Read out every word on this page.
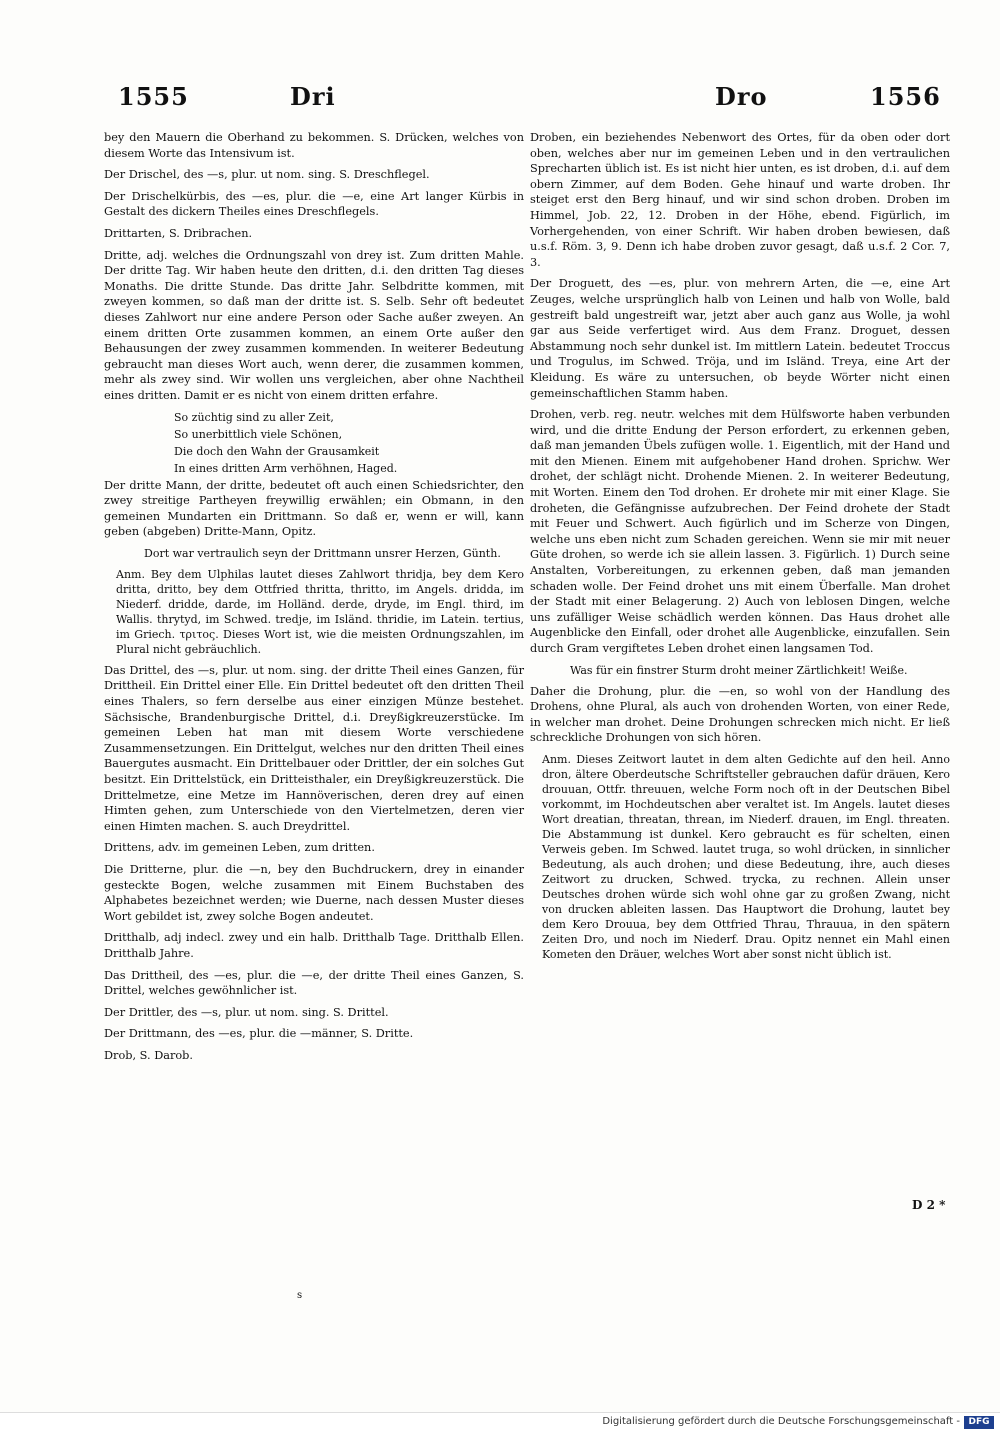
1555	Dri	Dro	1556

bey den Mauern die Oberhand zu bekommen. S. Drücken, welches von diesem Worte das Intensivum ist.

Der Drischel, des —s, plur. ut nom. sing. S. Dreschflegel.

Der Drischelkürbis, des —es, plur. die —e, eine Art langer Kürbis in Gestalt des dickern Theiles eines Dreschflegels.

Drittarten, S. Dribrachen.

Dritte, adj. welches die Ordnungszahl von drey ist. Zum dritten Mahle. Der dritte Tag. Wir haben heute den dritten, d.i. den dritten Tag dieses Monaths. Die dritte Stunde. Das dritte Jahr. Selbdritte kommen, mit zweyen kommen, so daß man der dritte ist. S. Selb. Sehr oft bedeutet dieses Zahlwort nur eine andere Person oder Sache außer zweyen. An einem dritten Orte zusammen kommen, an einem Orte außer den Behausungen der zwey zusammen kommenden. In weiterer Bedeutung gebraucht man dieses Wort auch, wenn derer, die zusammen kommen, mehr als zwey sind. Wir wollen uns vergleichen, aber ohne Nachtheil eines dritten. Damit er es nicht von einem dritten erfahre.

So züchtig sind zu aller Zeit,
So unerbittlich viele Schönen,
Die doch den Wahn der Grausamkeit
In eines dritten Arm verhöhnen, Haged.

Der dritte Mann, der dritte, bedeutet oft auch einen Schiedsrichter, den zwey streitige Partheyen freywillig erwählen; ein Obmann, in den gemeinen Mundarten ein Drittmann. So daß er, wenn er will, kann geben (abgeben) Dritte-Mann, Opitz.

Dort war vertraulich seyn der Drittmann unsrer Herzen, Günth.

Anm. Bey dem Ulphilas lautet dieses Zahlwort thridja, bey dem Kero dritta, dritto, bey dem Ottfried thritta, thritto, im Angels. dridda, im Niederf. dridde, darde, im Holländ. derde, dryde, im Engl. third, im Wallis. thrytyd, im Schwed. tredje, im Isländ. thridie, im Latein. tertius, im Griech. τριτος. Dieses Wort ist, wie die meisten Ordnungszahlen, im Plural nicht gebräuchlich.

Das Drittel, des —s, plur. ut nom. sing. der dritte Theil eines Ganzen, für Drittheil. Ein Drittel einer Elle. Ein Drittel bedeutet oft den dritten Theil eines Thalers, so fern derselbe aus einer einzigen Münze bestehet. Sächsische, Brandenburgische Drittel, d.i. Dreyßigkreuzerstücke. Im gemeinen Leben hat man mit diesem Worte verschiedene Zusammensetzungen. Ein Drittelgut, welches nur den dritten Theil eines Bauergutes ausmacht. Ein Drittelbauer oder Drittler, der ein solches Gut besitzt. Ein Drittelstück, ein Dritteisthaler, ein Dreyßigkreuzerstück. Die Drittelmetze, eine Metze im Hannöverischen, deren drey auf einen Himten gehen, zum Unterschiede von den Viertelmetzen, deren vier einen Himten machen. S. auch Dreydrittel.

Drittens, adv. im gemeinen Leben, zum dritten.

Die Dritterne, plur. die —n, bey den Buchdruckern, drey in einander gesteckte Bogen, welche zusammen mit Einem Buchstaben des Alphabetes bezeichnet werden; wie Duerne, nach dessen Muster dieses Wort gebildet ist, zwey solche Bogen andeutet.

Dritthalb, adj indecl. zwey und ein halb. Dritthalb Tage. Dritthalb Ellen. Dritthalb Jahre.

Das Drittheil, des —es, plur. die —e, der dritte Theil eines Ganzen, S. Drittel, welches gewöhnlicher ist.

Der Drittler, des —s, plur. ut nom. sing. S. Drittel.

Der Drittmann, des —es, plur. die —männer, S. Dritte.

Drob, S. Darob.

Droben, ein beziehendes Nebenwort des Ortes, für da oben oder dort oben, welches aber nur im gemeinen Leben und in den vertraulichen Sprecharten üblich ist. Es ist nicht hier unten, es ist droben, d.i. auf dem obern Zimmer, auf dem Boden. Gehe hinauf und warte droben. Ihr steiget erst den Berg hinauf, und wir sind schon droben. Droben im Himmel, Job. 22, 12. Droben in der Höhe, ebend. Figürlich, im Vorhergehenden, von einer Schrift. Wir haben droben bewiesen, daß u.s.f. Röm. 3, 9. Denn ich habe droben zuvor gesagt, daß u.s.f. 2 Cor. 7, 3.

Der Droguett, des —es, plur. von mehrern Arten, die —e, eine Art Zeuges, welche ursprünglich halb von Leinen und halb von Wolle, bald gestreift bald ungestreift war, jetzt aber auch ganz aus Wolle, ja wohl gar aus Seide verfertiget wird. Aus dem Franz. Droguet, dessen Abstammung noch sehr dunkel ist. Im mittlern Latein. bedeutet Troccus und Trogulus, im Schwed. Tröja, und im Isländ. Treya, eine Art der Kleidung. Es wäre zu untersuchen, ob beyde Wörter nicht einen gemeinschaftlichen Stamm haben.

Drohen, verb. reg. neutr. welches mit dem Hülfsworte haben verbunden wird, und die dritte Endung der Person erfordert, zu erkennen geben, daß man jemanden Übels zufügen wolle. 1. Eigentlich, mit der Hand und mit den Mienen. Einem mit aufgehobener Hand drohen. Sprichw. Wer drohet, der schlägt nicht. Drohende Mienen. 2. In weiterer Bedeutung, mit Worten. Einem den Tod drohen. Er drohete mir mit einer Klage. Sie droheten, die Gefängnisse aufzubrechen. Der Feind drohete der Stadt mit Feuer und Schwert. Auch figürlich und im Scherze von Dingen, welche uns eben nicht zum Schaden gereichen. Wenn sie mir mit neuer Güte drohen, so werde ich sie allein lassen. 3. Figürlich. 1) Durch seine Anstalten, Vorbereitungen, zu erkennen geben, daß man jemanden schaden wolle. Der Feind drohet uns mit einem Überfalle. Man drohet der Stadt mit einer Belagerung. 2) Auch von leblosen Dingen, welche uns zufälliger Weise schädlich werden können. Das Haus drohet alle Augenblicke den Einfall, oder drohet alle Augenblicke, einzufallen. Sein durch Gram vergiftetes Leben drohet einen langsamen Tod.

Was für ein finstrer Sturm droht meiner Zärtlichkeit! Weiße.

Daher die Drohung, plur. die —en, so wohl von der Handlung des Drohens, ohne Plural, als auch von drohenden Worten, von einer Rede, in welcher man drohet. Deine Drohungen schrecken mich nicht. Er ließ schreckliche Drohungen von sich hören.

Anm. Dieses Zeitwort lautet in dem alten Gedichte auf den heil. Anno dron, ältere Oberdeutsche Schriftsteller gebrauchen dafür dräuen, Kero drouuan, Ottfr. threuuen, welche Form noch oft in der Deutschen Bibel vorkommt, im Hochdeutschen aber veraltet ist. Im Angels. lautet dieses Wort dreatian, threatan, threan, im Niederf. drauen, im Engl. threaten. Die Abstammung ist dunkel. Kero gebraucht es für schelten, einen Verweis geben. Im Schwed. lautet truga, so wohl drücken, in sinnlicher Bedeutung, als auch drohen; und diese Bedeutung, ihre, auch dieses Zeitwort zu drucken, Schwed. trycka, zu rechnen. Allein unser Deutsches drohen würde sich wohl ohne gar zu großen Zwang, nicht von drucken ableiten lassen. Das Hauptwort die Drohung, lautet bey dem Kero Drouua, bey dem Ottfried Thrau, Thrauua, in den spätern Zeiten Dro, und noch im Niederf. Drau. Opitz nennet ein Mahl einen Kometen den Dräuer, welches Wort aber sonst nicht üblich ist.

D 2 *
s
Digitalisierung gefördert durch die Deutsche Forschungsgemeinschaft - DFG
